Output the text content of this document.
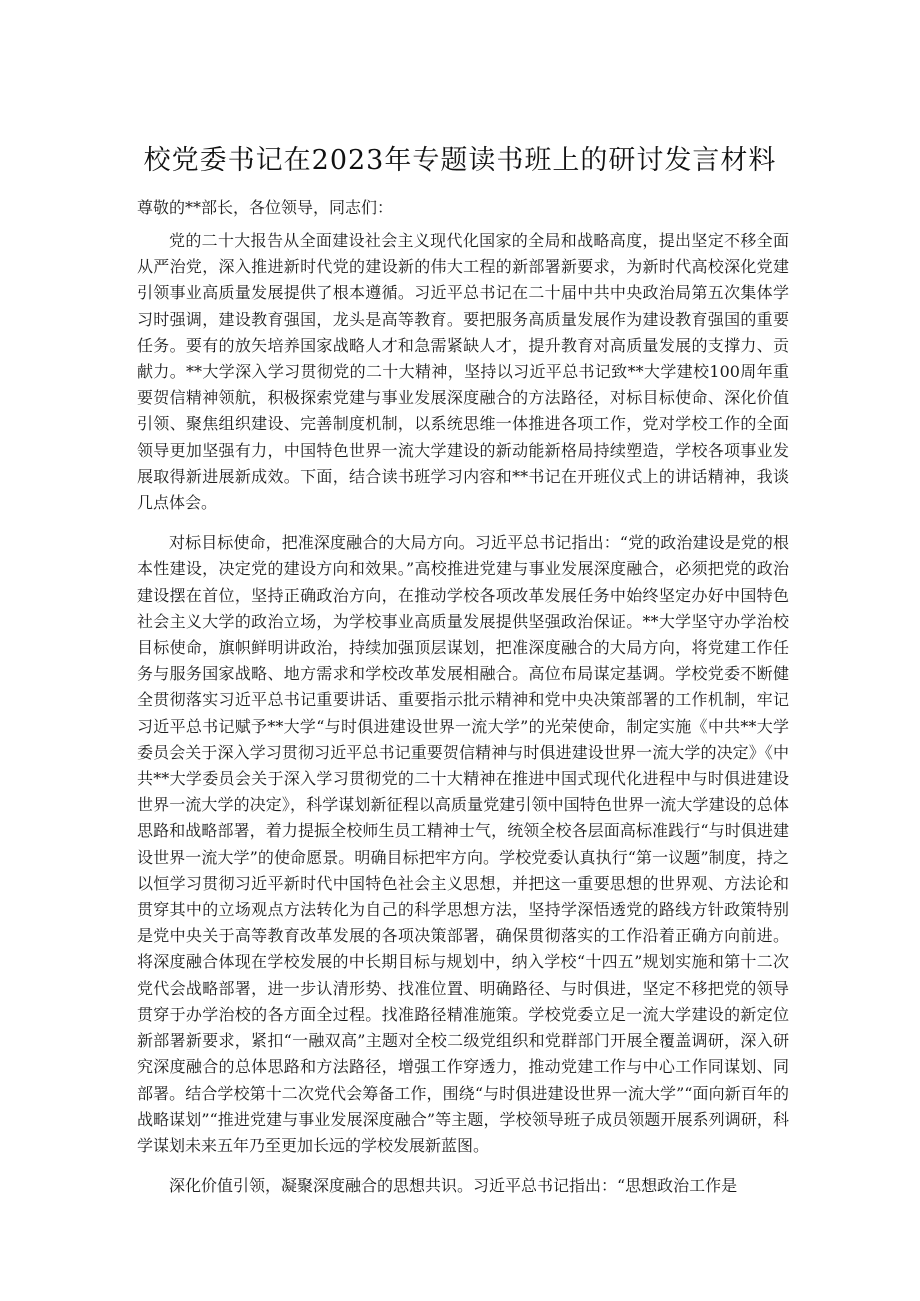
校党委书记在2023年专题读书班上的研讨发言材料

尊敬的**部长，各位领导，同志们：

党的二十大报告从全面建设社会主义现代化国家的全局和战略高度，提出坚定不移全面从严治党，深入推进新时代党的建设新的伟大工程的新部署新要求，为新时代高校深化党建引领事业高质量发展提供了根本遵循。习近平总书记在二十届中共中央政治局第五次集体学习时强调，建设教育强国，龙头是高等教育。要把服务高质量发展作为建设教育强国的重要任务。要有的放矢培养国家战略人才和急需紧缺人才，提升教育对高质量发展的支撑力、贡献力。**大学深入学习贯彻党的二十大精神，坚持以习近平总书记致**大学建校100周年重要贺信精神领航，积极探索党建与事业发展深度融合的方法路径，对标目标使命、深化价值引领、聚焦组织建设、完善制度机制，以系统思维一体推进各项工作，党对学校工作的全面领导更加坚强有力，中国特色世界一流大学建设的新动能新格局持续塑造，学校各项事业发展取得新进展新成效。下面，结合读书班学习内容和**书记在开班仪式上的讲话精神，我谈几点体会。

对标目标使命，把准深度融合的大局方向。习近平总书记指出：“党的政治建设是党的根本性建设，决定党的建设方向和效果。”高校推进党建与事业发展深度融合，必须把党的政治建设摆在首位，坚持正确政治方向，在推动学校各项改革发展任务中始终坚定办好中国特色社会主义大学的政治立场，为学校事业高质量发展提供坚强政治保证。**大学坚守办学治校目标使命，旗帜鲜明讲政治，持续加强顶层谋划，把准深度融合的大局方向，将党建工作任务与服务国家战略、地方需求和学校改革发展相融合。高位布局谋定基调。学校党委不断健全贯彻落实习近平总书记重要讲话、重要指示批示精神和党中央决策部署的工作机制，牢记习近平总书记赋予**大学“与时俱进建设世界一流大学”的光荣使命，制定实施《中共**大学委员会关于深入学习贯彻习近平总书记重要贺信精神与时俱进建设世界一流大学的决定》《中共**大学委员会关于深入学习贯彻党的二十大精神在推进中国式现代化进程中与时俱进建设世界一流大学的决定》，科学谋划新征程以高质量党建引领中国特色世界一流大学建设的总体思路和战略部署，着力提振全校师生员工精神士气，统领全校各层面高标准践行“与时俱进建设世界一流大学”的使命愿景。明确目标把牢方向。学校党委认真执行“第一议题”制度，持之以恒学习贯彻习近平新时代中国特色社会主义思想，并把这一重要思想的世界观、方法论和贯穿其中的立场观点方法转化为自己的科学思想方法，坚持学深悟透党的路线方针政策特别是党中央关于高等教育改革发展的各项决策部署，确保贯彻落实的工作沿着正确方向前进。将深度融合体现在学校发展的中长期目标与规划中，纳入学校“十四五”规划实施和第十二次党代会战略部署，进一步认清形势、找准位置、明确路径、与时俱进，坚定不移把党的领导贯穿于办学治校的各方面全过程。找准路径精准施策。学校党委立足一流大学建设的新定位新部署新要求，紧扣“一融双高”主题对全校二级党组织和党群部门开展全覆盖调研，深入研究深度融合的总体思路和方法路径，增强工作穿透力，推动党建工作与中心工作同谋划、同部署。结合学校第十二次党代会筹备工作，围绕“与时俱进建设世界一流大学”“面向新百年的战略谋划”“推进党建与事业发展深度融合”等主题，学校领导班子成员领题开展系列调研，科学谋划未来五年乃至更加长远的学校发展新蓝图。

深化价值引领，凝聚深度融合的思想共识。习近平总书记指出：“思想政治工作是
